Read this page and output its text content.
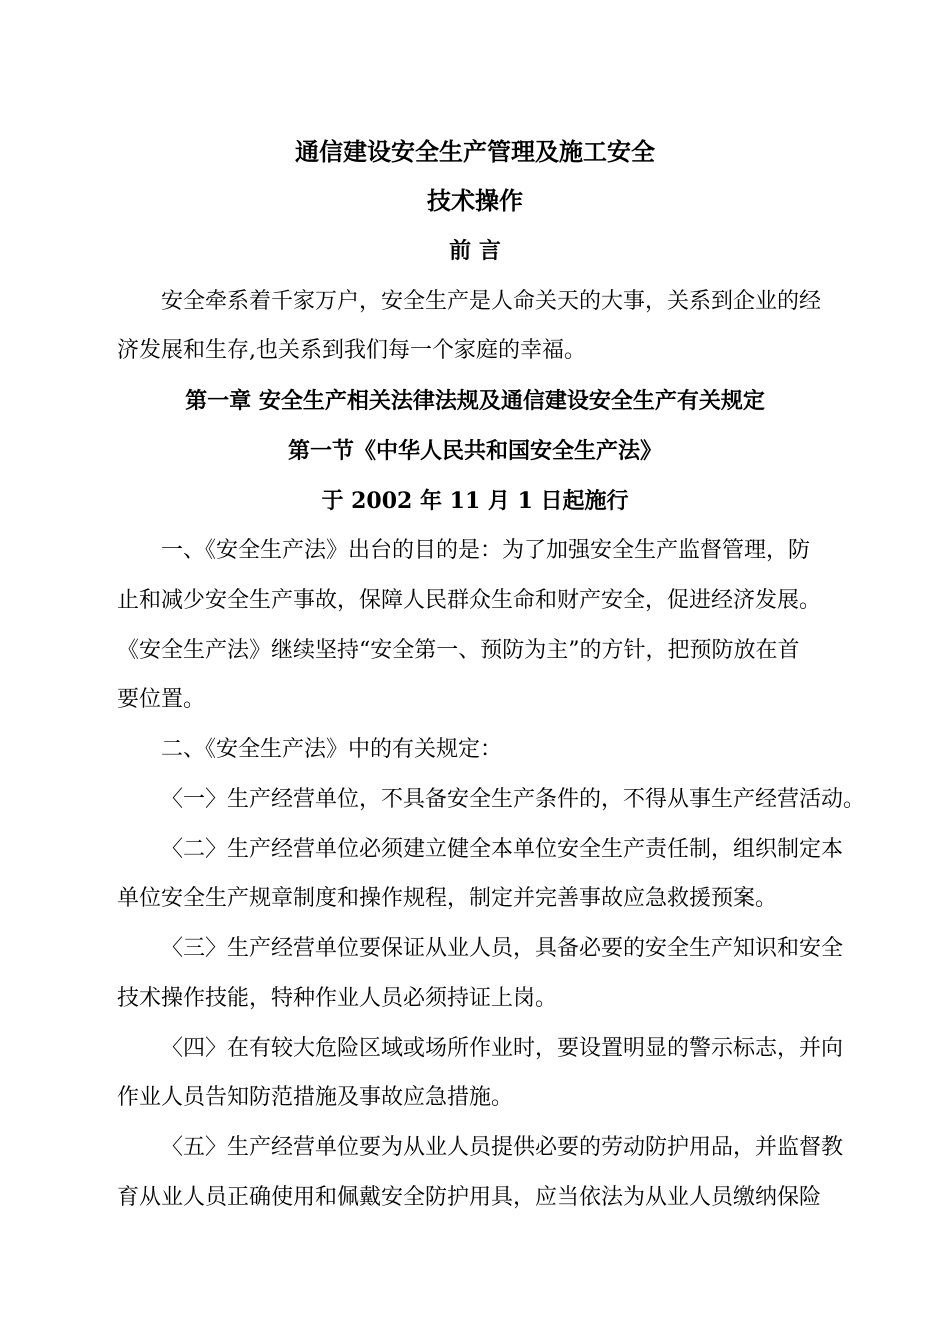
通信建设安全生产管理及施工安全
技术操作
前 言
安全牵系着千家万户，安全生产是人命关天的大事，关系到企业的经
济发展和生存,也关系到我们每一个家庭的幸福。
第一章 安全生产相关法律法规及通信建设安全生产有关规定
第一节《中华人民共和国安全生产法》
于 2002 年 11 月 1 日起施行
一、《安全生产法》出台的目的是：为了加强安全生产监督管理，防
止和减少安全生产事故，保障人民群众生命和财产安全，促进经济发展。
《安全生产法》继续坚持“安全第一、预防为主”的方针，把预防放在首
要位置。
二、《安全生产法》中的有关规定：
〈一〉生产经营单位，不具备安全生产条件的，不得从事生产经营活动。
〈二〉生产经营单位必须建立健全本单位安全生产责任制，组织制定本
单位安全生产规章制度和操作规程，制定并完善事故应急救援预案。
〈三〉生产经营单位要保证从业人员，具备必要的安全生产知识和安全
技术操作技能，特种作业人员必须持证上岗。
〈四〉在有较大危险区域或场所作业时，要设置明显的警示标志，并向
作业人员告知防范措施及事故应急措施。
〈五〉生产经营单位要为从业人员提供必要的劳动防护用品，并监督教
育从业人员正确使用和佩戴安全防护用具，应当依法为从业人员缴纳保险
